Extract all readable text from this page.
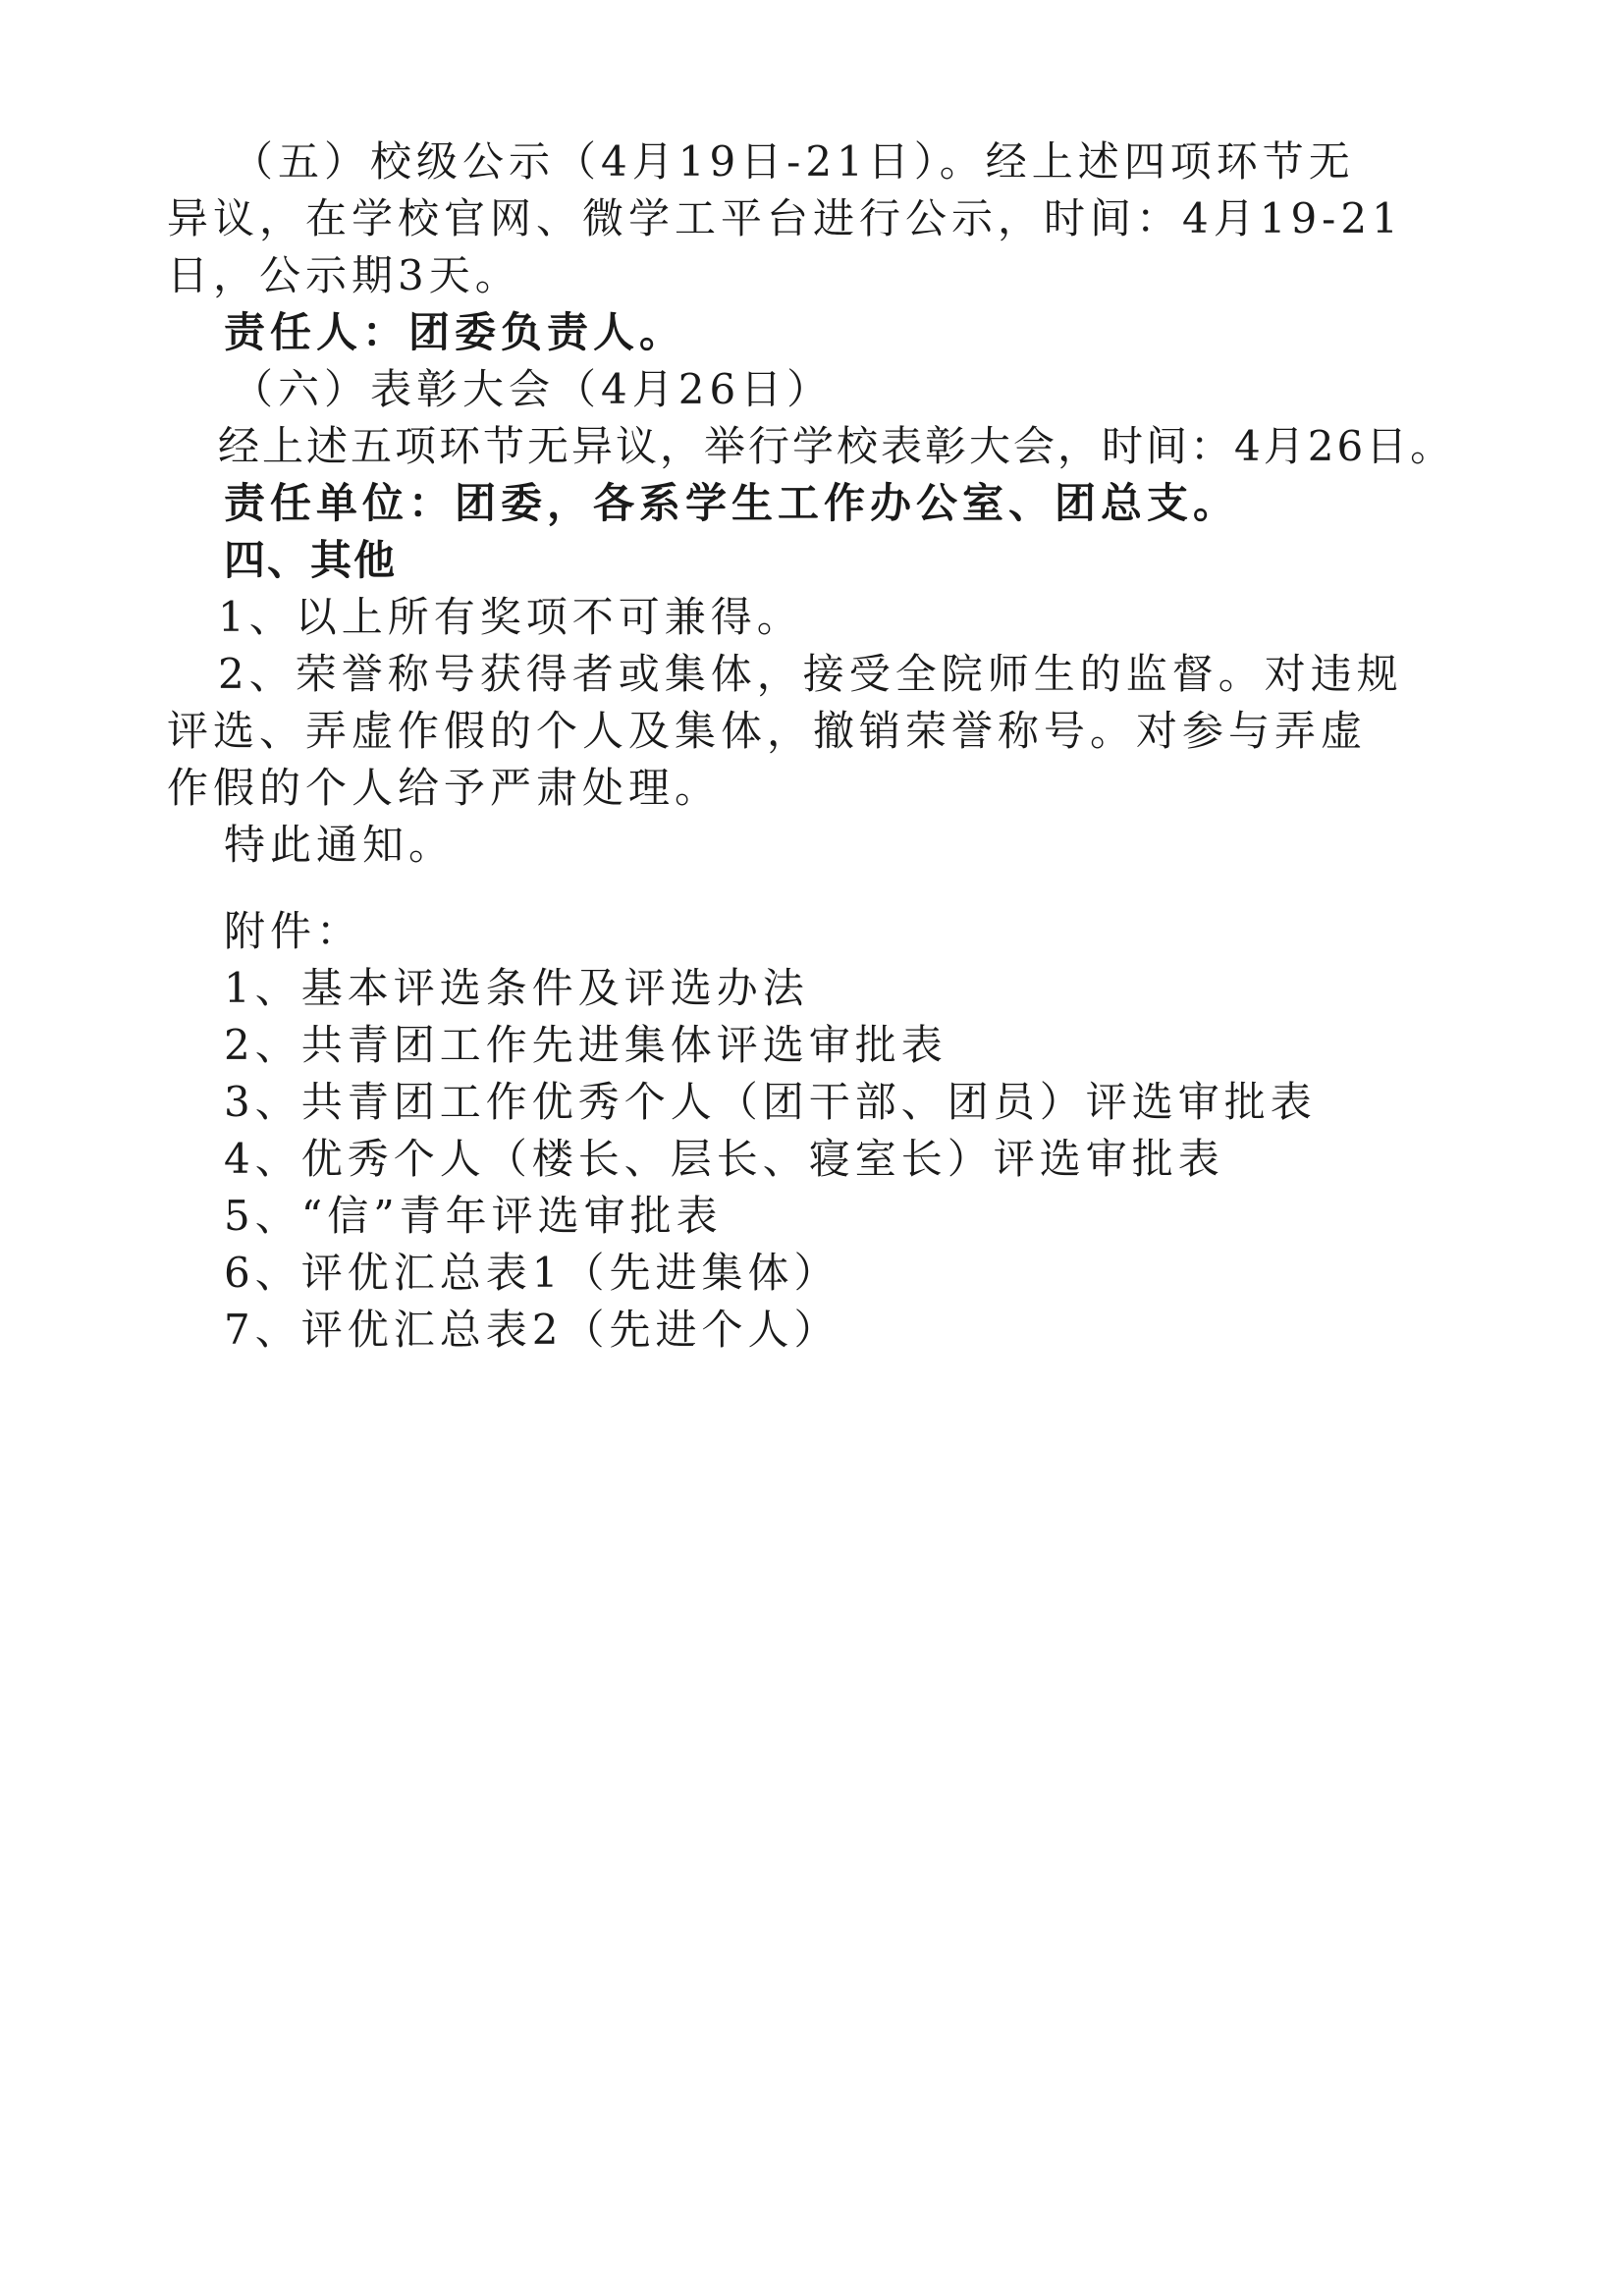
（五）校级公示（4月19日-21日）。经上述四项环节无
异议，在学校官网、微学工平台进行公示，时间：4月19-21
日，公示期3天。
责任人：团委负责人。
（六）表彰大会（4月26日）
经上述五项环节无异议，举行学校表彰大会，时间：4月26日。
责任单位：团委，各系学生工作办公室、团总支。
四、其他
1、以上所有奖项不可兼得。
2、荣誉称号获得者或集体，接受全院师生的监督。对违规
评选、弄虚作假的个人及集体，撤销荣誉称号。对参与弄虚
作假的个人给予严肃处理。
特此通知。
附件：
1、基本评选条件及评选办法
2、共青团工作先进集体评选审批表
3、共青团工作优秀个人（团干部、团员）评选审批表
4、优秀个人（楼长、层长、寝室长）评选审批表
5、“信”青年评选审批表
6、评优汇总表1（先进集体）
7、评优汇总表2（先进个人）
